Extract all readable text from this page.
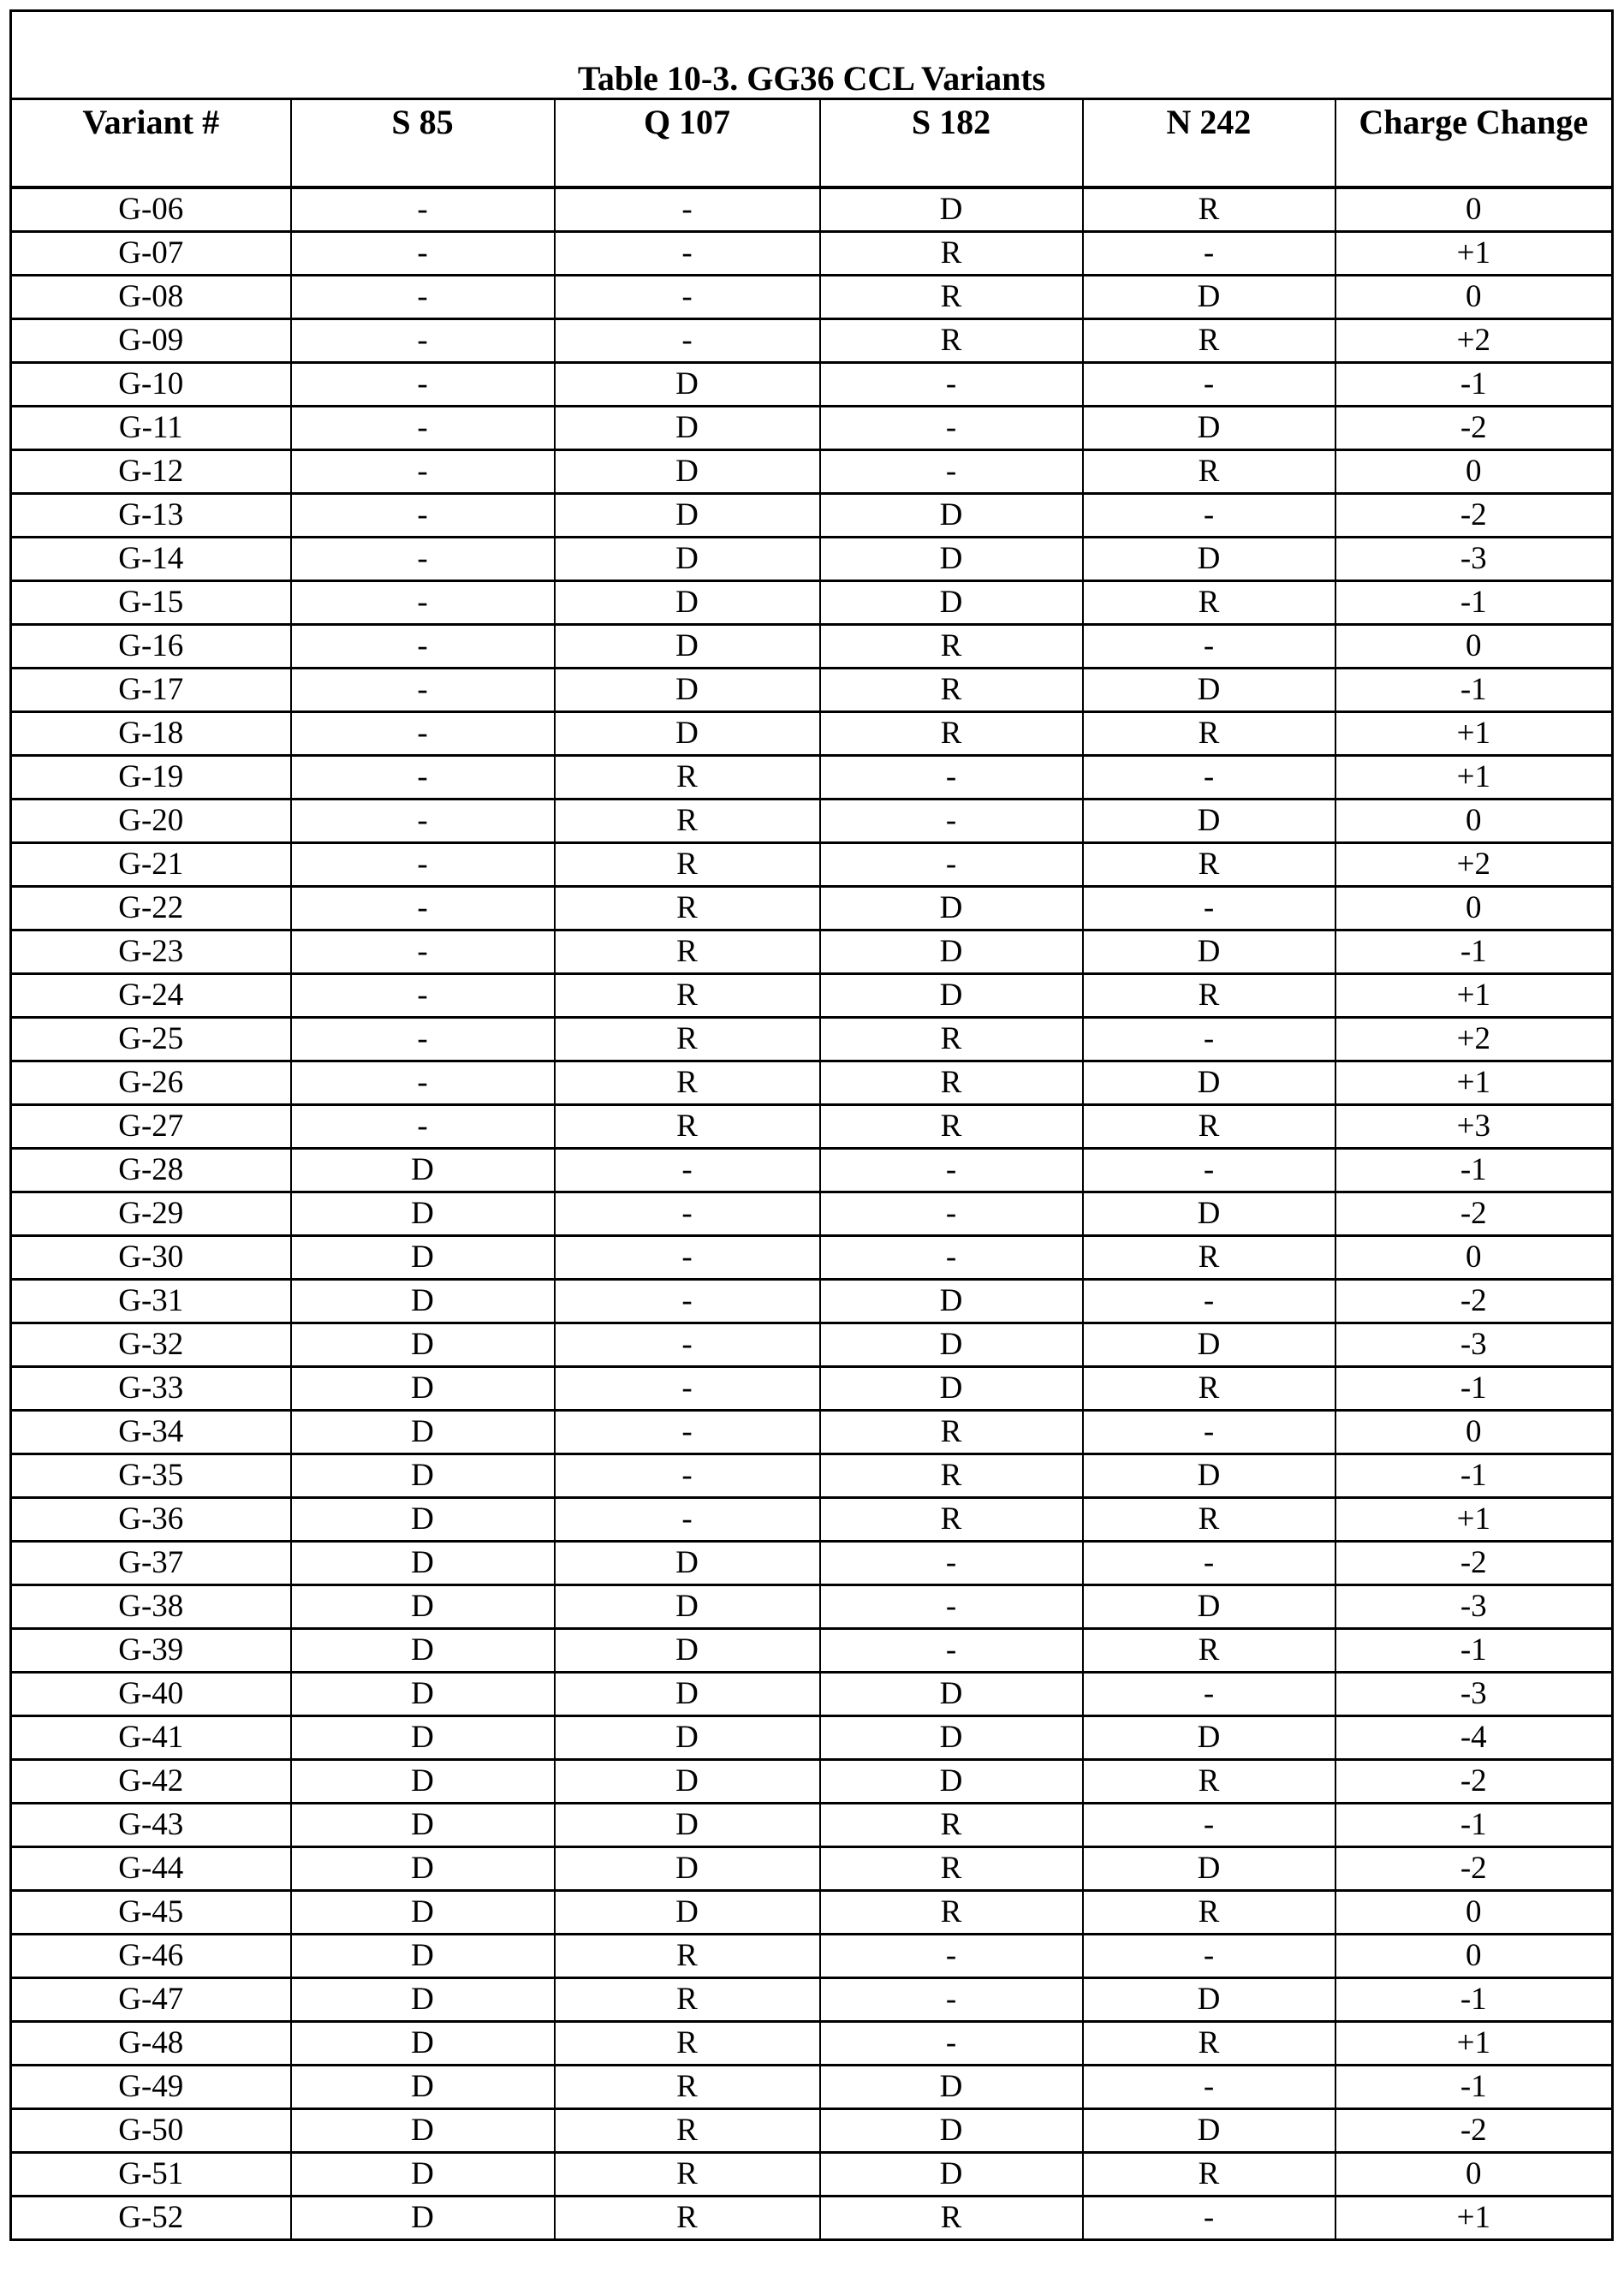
Table 10-3. GG36 CCL Variants					
Variant #	S 85	Q 107	S 182	N 242	Charge Change
G-06	-	-	D	R	0
G-07	-	-	R	-	+1
G-08	-	-	R	D	0
G-09	-	-	R	R	+2
G-10	-	D	-	-	-1
G-11	-	D	-	D	-2
G-12	-	D	-	R	0
G-13	-	D	D	-	-2
G-14	-	D	D	D	-3
G-15	-	D	D	R	-1
G-16	-	D	R	-	0
G-17	-	D	R	D	-1
G-18	-	D	R	R	+1
G-19	-	R	-	-	+1
G-20	-	R	-	D	0
G-21	-	R	-	R	+2
G-22	-	R	D	-	0
G-23	-	R	D	D	-1
G-24	-	R	D	R	+1
G-25	-	R	R	-	+2
G-26	-	R	R	D	+1
G-27	-	R	R	R	+3
G-28	D	-	-	-	-1
G-29	D	-	-	D	-2
G-30	D	-	-	R	0
G-31	D	-	D	-	-2
G-32	D	-	D	D	-3
G-33	D	-	D	R	-1
G-34	D	-	R	-	0
G-35	D	-	R	D	-1
G-36	D	-	R	R	+1
G-37	D	D	-	-	-2
G-38	D	D	-	D	-3
G-39	D	D	-	R	-1
G-40	D	D	D	-	-3
G-41	D	D	D	D	-4
G-42	D	D	D	R	-2
G-43	D	D	R	-	-1
G-44	D	D	R	D	-2
G-45	D	D	R	R	0
G-46	D	R	-	-	0
G-47	D	R	-	D	-1
G-48	D	R	-	R	+1
G-49	D	R	D	-	-1
G-50	D	R	D	D	-2
G-51	D	R	D	R	0
G-52	D	R	R	-	+1
